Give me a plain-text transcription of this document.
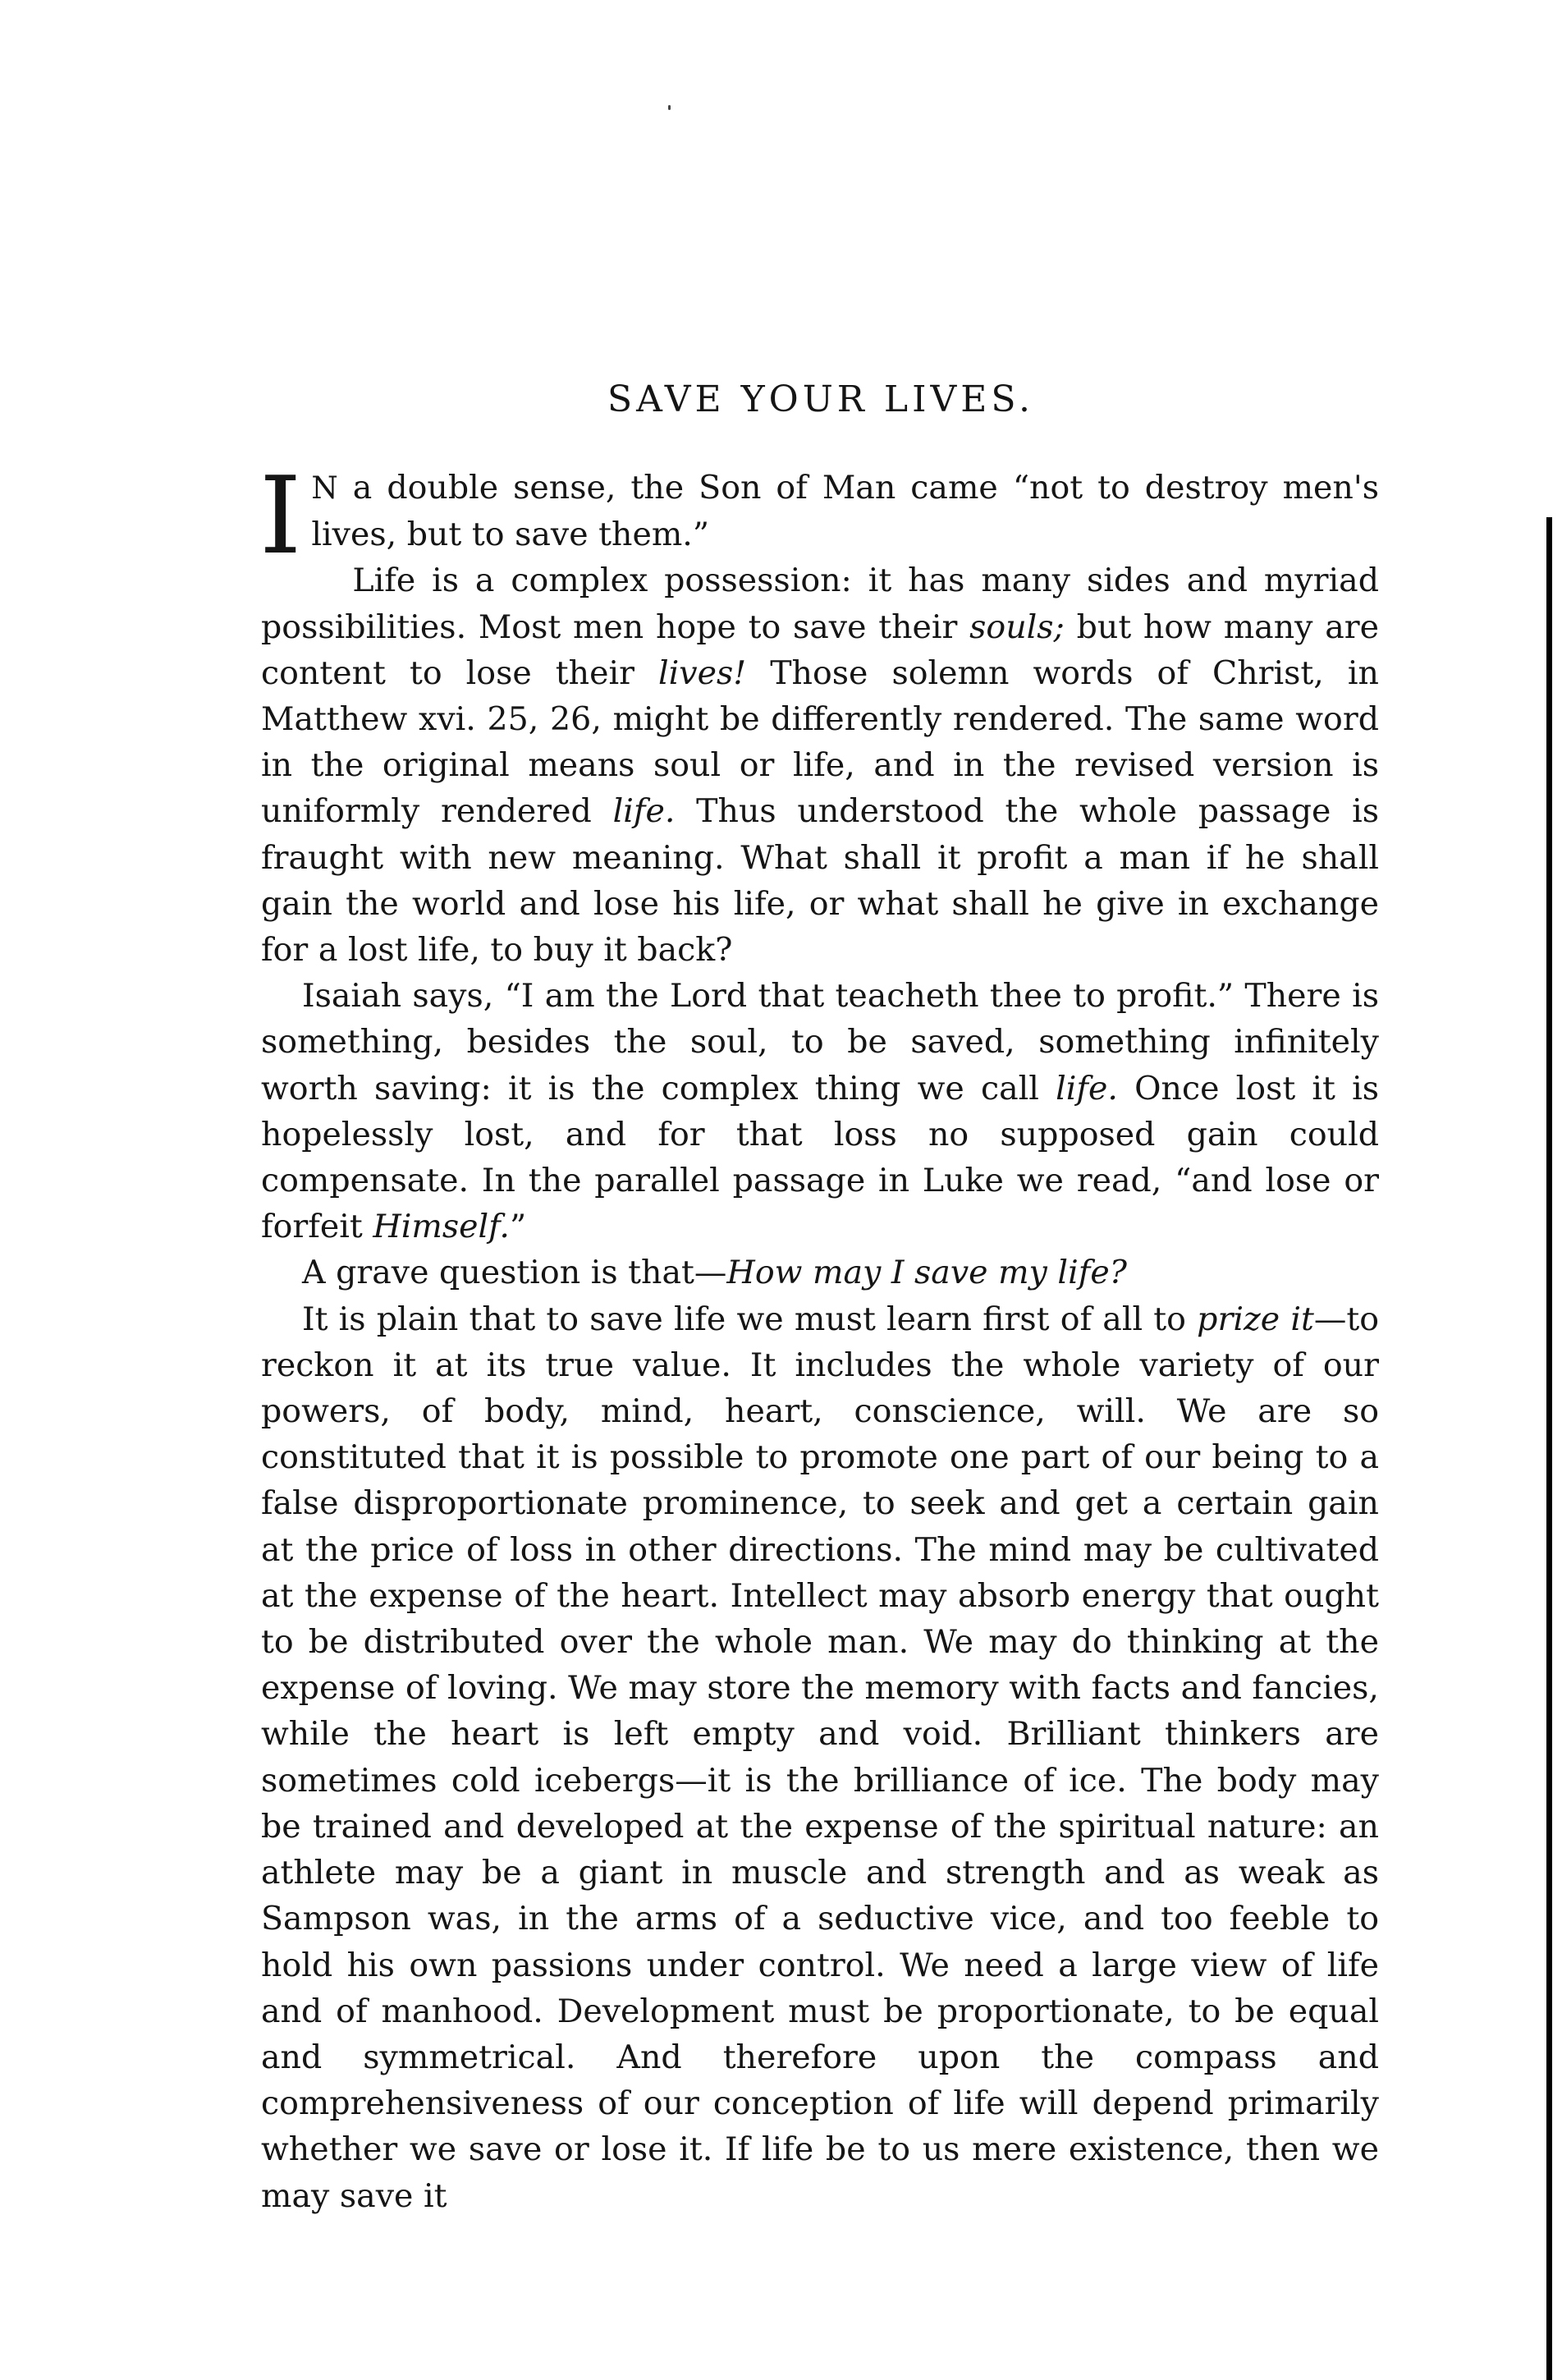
SAVE YOUR LIVES.

I N a double sense, the Son of Man came “not to destroy men's lives, but to save them.”

Life is a complex possession: it has many sides and myriad possibilities. Most men hope to save their souls; but how many are content to lose their lives! Those solemn words of Christ, in Matthew xvi. 25, 26, might be differently rendered. The same word in the original means soul or life, and in the revised version is uniformly rendered life. Thus understood the whole passage is fraught with new meaning. What shall it profit a man if he shall gain the world and lose his life, or what shall he give in exchange for a lost life, to buy it back?

Isaiah says, “I am the Lord that teacheth thee to profit.” There is something, besides the soul, to be saved, something infinitely worth saving: it is the complex thing we call life. Once lost it is hopelessly lost, and for that loss no supposed gain could compensate. In the parallel passage in Luke we read, “and lose or forfeit Himself.”

A grave question is that—How may I save my life?

It is plain that to save life we must learn first of all to prize it—to reckon it at its true value. It includes the whole variety of our powers, of body, mind, heart, conscience, will. We are so constituted that it is possible to promote one part of our being to a false disproportionate prominence, to seek and get a certain gain at the price of loss in other directions. The mind may be cultivated at the expense of the heart. Intellect may absorb energy that ought to be distributed over the whole man. We may do thinking at the expense of loving. We may store the memory with facts and fancies, while the heart is left empty and void. Brilliant thinkers are sometimes cold icebergs—it is the brilliance of ice. The body may be trained and developed at the expense of the spiritual nature: an athlete may be a giant in muscle and strength and as weak as Sampson was, in the arms of a seductive vice, and too feeble to hold his own passions under control. We need a large view of life and of manhood. Development must be proportionate, to be equal and symmetrical. And therefore upon the compass and comprehensiveness of our conception of life will depend primarily whether we save or lose it. If life be to us mere existence, then we may save it
